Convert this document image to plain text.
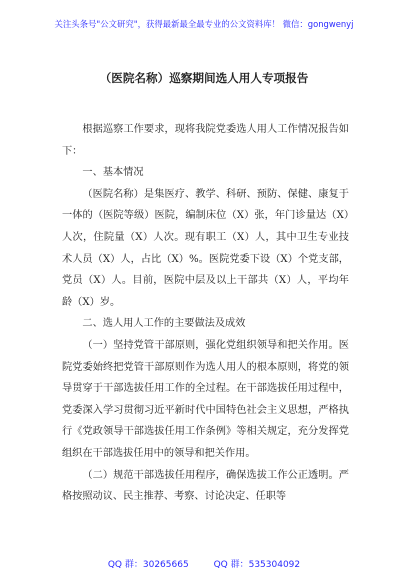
关注头条号"公文研究"，获得最新最全最专业的公文资料库！ 微信：gongwenyj
（医院名称）巡察期间选人用人专项报告

根据巡察工作要求，现将我院党委选人用人工作情况报告如下：

一、基本情况

（医院名称）是集医疗、教学、科研、预防、保健、康复于一体的（医院等级）医院，编制床位（X）张，年门诊量达（X）人次，住院量（X）人次。现有职工（X）人，其中卫生专业技术人员（X）人，占比（X）%。医院党委下设（X）个党支部，党员（X）人。目前，医院中层及以上干部共（X）人，平均年龄（X）岁。

二、选人用人工作的主要做法及成效

（一）坚持党管干部原则，强化党组织领导和把关作用。医院党委始终把党管干部原则作为选人用人的根本原则，将党的领导贯穿于干部选拔任用工作的全过程。在干部选拔任用过程中，党委深入学习贯彻习近平新时代中国特色社会主义思想，严格执行《党政领导干部选拔任用工作条例》等相关规定，充分发挥党组织在干部选拔任用中的领导和把关作用。

（二）规范干部选拔任用程序，确保选拔工作公正透明。严格按照动议、民主推荐、考察、讨论决定、任职等

QQ 群：30265665	QQ 群：535304092
